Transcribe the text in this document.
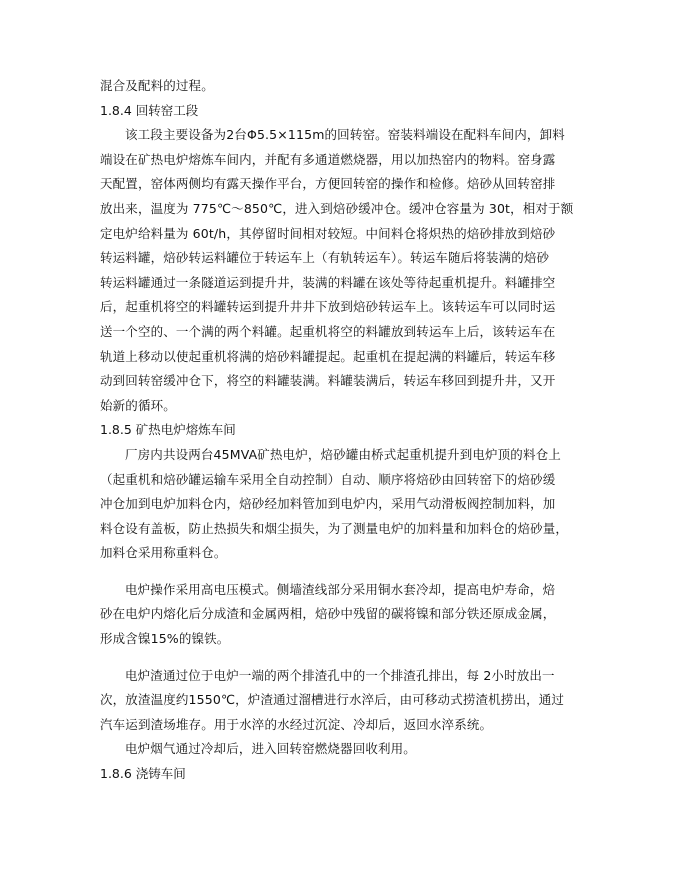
混合及配料的过程。
1.8.4 回转窑工段
该工段主要设备为2台Φ5.5×115m的回转窑。窑装料端设在配料车间内，卸料
端设在矿热电炉熔炼车间内，并配有多通道燃烧器，用以加热窑内的物料。窑身露
天配置，窑体两侧均有露天操作平台，方便回转窑的操作和检修。焙砂从回转窑排
放出来，温度为 775℃～850℃，进入到焙砂缓冲仓。缓冲仓容量为 30t，相对于额
定电炉给料量为 60t/h，其停留时间相对较短。中间料仓将炽热的焙砂排放到焙砂
转运料罐，焙砂转运料罐位于转运车上（有轨转运车）。转运车随后将装满的焙砂
转运料罐通过一条隧道运到提升井，装满的料罐在该处等待起重机提升。料罐排空
后，起重机将空的料罐转运到提升井井下放到焙砂转运车上。该转运车可以同时运
送一个空的、一个满的两个料罐。起重机将空的料罐放到转运车上后，该转运车在
轨道上移动以使起重机将满的焙砂料罐提起。起重机在提起满的料罐后，转运车移
动到回转窑缓冲仓下，将空的料罐装满。料罐装满后，转运车移回到提升井，又开
始新的循环。
1.8.5 矿热电炉熔炼车间
厂房内共设两台45MVA矿热电炉，焙砂罐由桥式起重机提升到电炉顶的料仓上
（起重机和焙砂罐运输车采用全自动控制）自动、顺序将焙砂由回转窑下的焙砂缓
冲仓加到电炉加料仓内，焙砂经加料管加到电炉内，采用气动滑板阀控制加料，加
料仓设有盖板，防止热损失和烟尘损失，为了测量电炉的加料量和加料仓的焙砂量，
加料仓采用称重料仓。
电炉操作采用高电压模式。侧墙渣线部分采用铜水套冷却，提高电炉寿命，焙
砂在电炉内熔化后分成渣和金属两相，焙砂中残留的碳将镍和部分铁还原成金属，
形成含镍15%的镍铁。
电炉渣通过位于电炉一端的两个排渣孔中的一个排渣孔排出，每 2小时放出一
次，放渣温度约1550℃，炉渣通过溜槽进行水淬后，由可移动式捞渣机捞出，通过
汽车运到渣场堆存。用于水淬的水经过沉淀、冷却后，返回水淬系统。
电炉烟气通过冷却后，进入回转窑燃烧器回收利用。
1.8.6 浇铸车间
